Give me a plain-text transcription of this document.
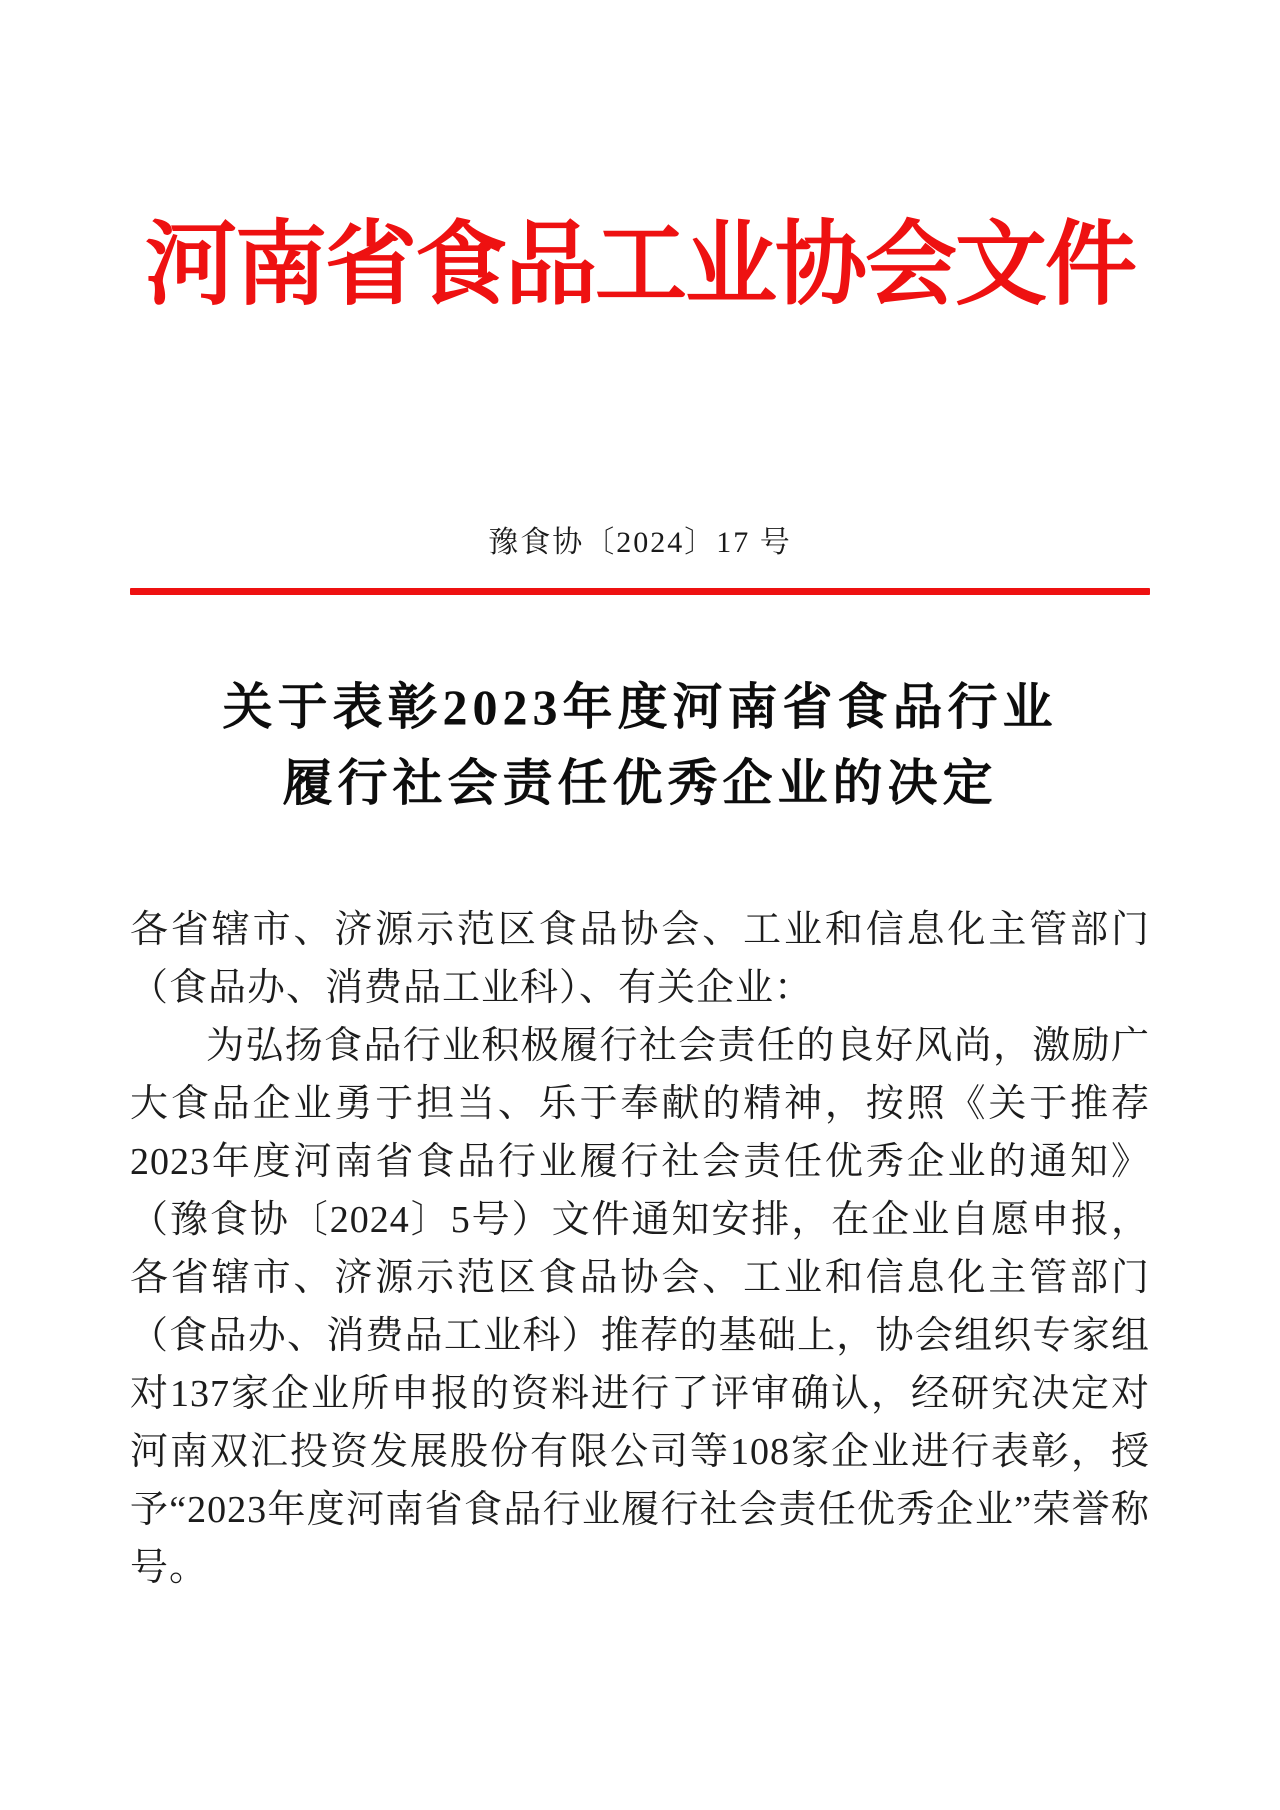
河南省食品工业协会文件
豫食协〔2024〕17 号
关于表彰2023年度河南省食品行业
履行社会责任优秀企业的决定

各省辖市、济源示范区食品协会、工业和信息化主管部门（食品办、消费品工业科）、有关企业：

为弘扬食品行业积极履行社会责任的良好风尚，激励广大食品企业勇于担当、乐于奉献的精神，按照《关于推荐2023年度河南省食品行业履行社会责任优秀企业的通知》（豫食协〔2024〕5号）文件通知安排，在企业自愿申报，各省辖市、济源示范区食品协会、工业和信息化主管部门（食品办、消费品工业科）推荐的基础上，协会组织专家组对137家企业所申报的资料进行了评审确认，经研究决定对河南双汇投资发展股份有限公司等108家企业进行表彰，授予“2023年度河南省食品行业履行社会责任优秀企业”荣誉称号。
